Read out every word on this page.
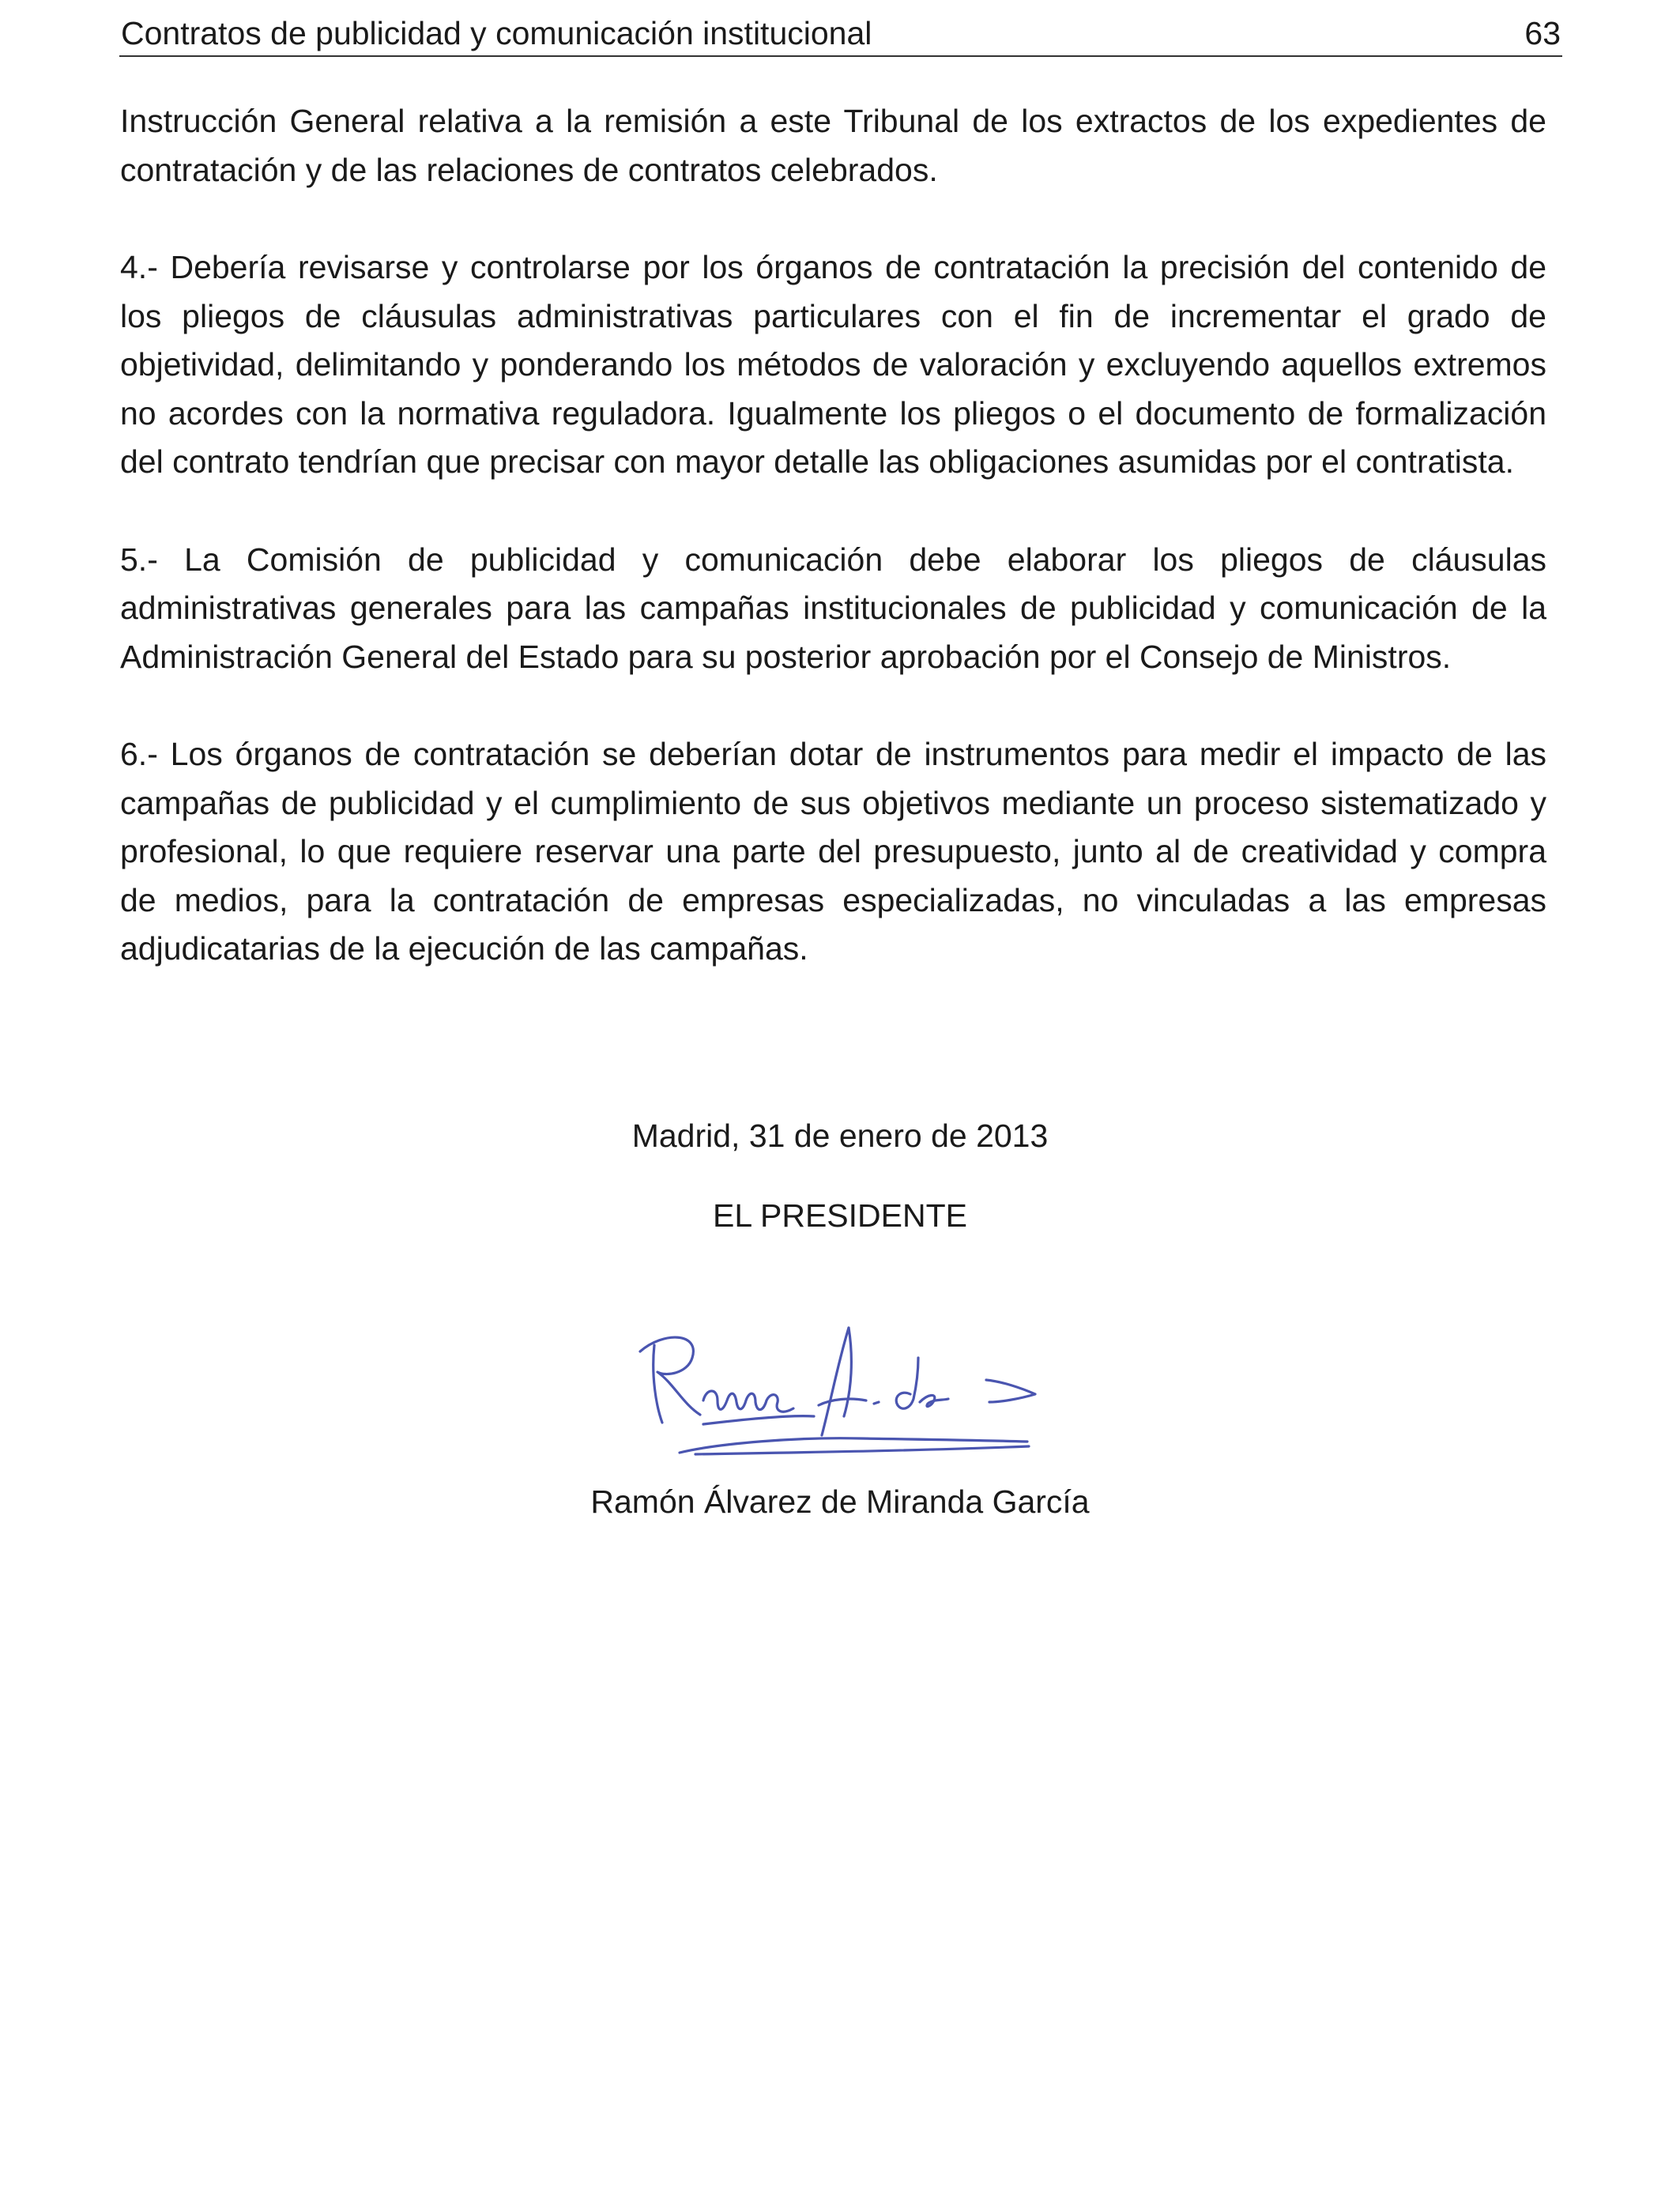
Contratos de publicidad y comunicación institucional	63

Instrucción General relativa a la remisión a este Tribunal de los extractos de los expedientes de contratación y de las relaciones de contratos celebrados.

4.- Debería revisarse y controlarse por los órganos de contratación la precisión del contenido de los pliegos de cláusulas administrativas particulares con el fin de incrementar el grado de objetividad, delimitando y ponderando los métodos de valoración y excluyendo aquellos extremos no acordes con la normativa reguladora. Igualmente los pliegos o el documento de formalización del contrato tendrían que precisar con mayor detalle las obligaciones asumidas por el contratista.

5.- La Comisión de publicidad y comunicación debe elaborar los pliegos de cláusulas administrativas generales para las campañas institucionales de publicidad y comunicación de la Administración General del Estado para su posterior aprobación por el Consejo de Ministros.

6.- Los órganos de contratación se deberían dotar de instrumentos para medir el impacto de las campañas de publicidad y el cumplimiento de sus objetivos mediante un proceso sistematizado y profesional, lo que requiere reservar una parte del presupuesto, junto al de creatividad y compra de medios, para la contratación de empresas especializadas, no vinculadas a las empresas adjudicatarias de la ejecución de las campañas.

Madrid, 31 de enero de 2013
EL PRESIDENTE
Ramón Álvarez de Miranda García
